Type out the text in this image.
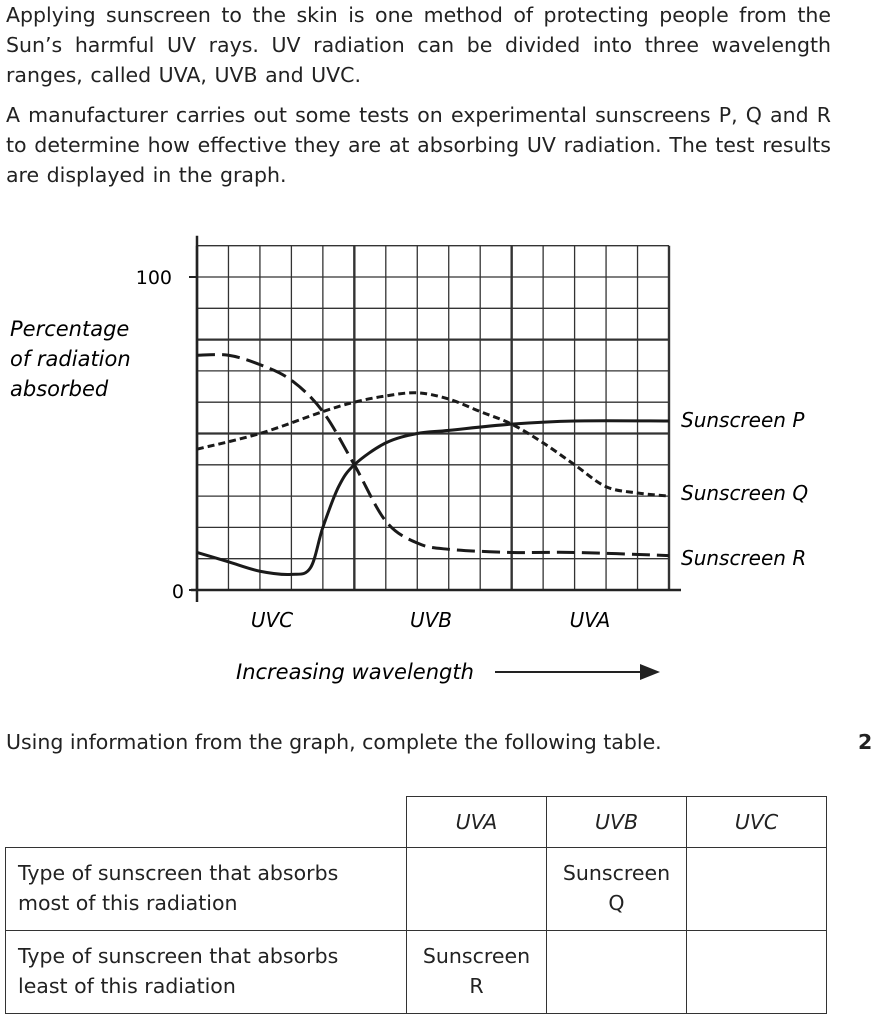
Applying sunscreen to the skin is one method of protecting people from the Sun’s harmful UV rays. UV radiation can be divided into three wavelength ranges, called UVA, UVB and UVC.
A manufacturer carries out some tests on experimental sunscreens P, Q and R to determine how effective they are at absorbing UV radiation. The test results are displayed in the graph.
100
0
Percentage of radiation absorbed
UVC	UVB	UVA
Increasing wavelength
Sunscreen P
Sunscreen Q
Sunscreen R
Using information from the graph, complete the following table.	2
	UVA	UVB	UVC
Type of sunscreen that absorbs
most of this radiation		Sunscreen
Q	

Type of sunscreen that absorbs
least of this radiation	Sunscreen
R	
